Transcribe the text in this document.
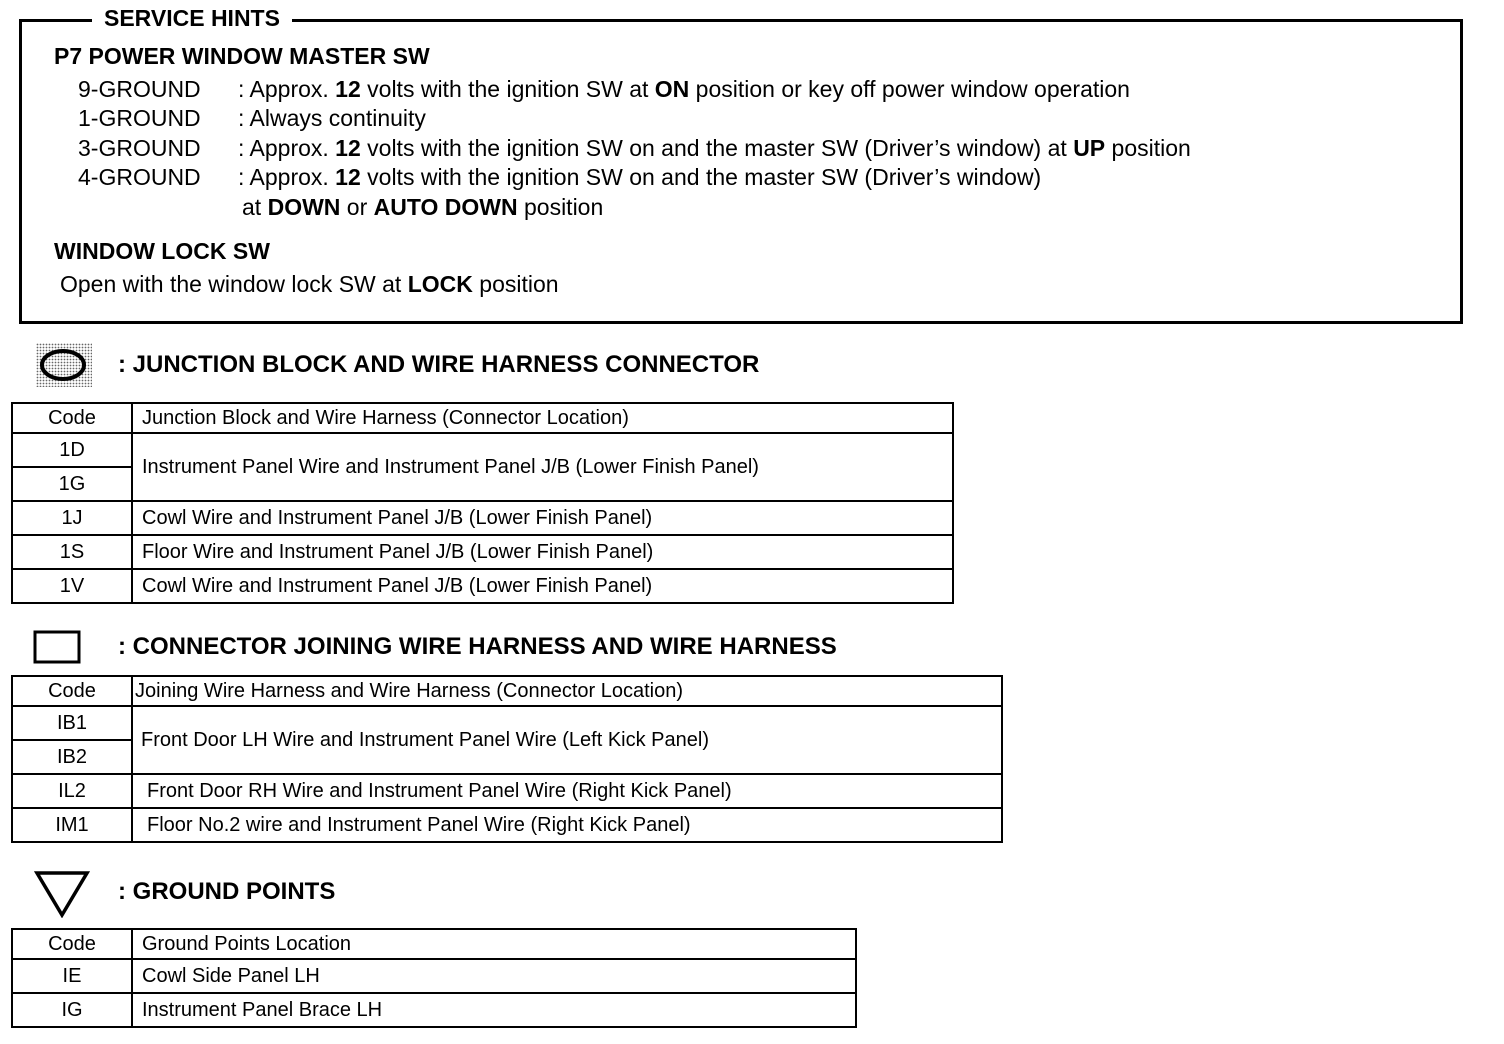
SERVICE HINTS
P7 POWER WINDOW MASTER SW
9-GROUND : Approx. 12 volts with the ignition SW at ON position or key off power window operation
1-GROUND : Always continuity
3-GROUND : Approx. 12 volts with the ignition SW on and the master SW (Driver’s window) at UP position
4-GROUND : Approx. 12 volts with the ignition SW on and the master SW (Driver’s window)
at DOWN or AUTO DOWN position
WINDOW LOCK SW
Open with the window lock SW at LOCK position
: JUNCTION BLOCK AND WIRE HARNESS CONNECTOR
Code	Junction Block and Wire Harness (Connector Location)
1D	Instrument Panel Wire and Instrument Panel J/B (Lower Finish Panel)
1G	
1J	Cowl Wire and Instrument Panel J/B (Lower Finish Panel)
1S	Floor Wire and Instrument Panel J/B (Lower Finish Panel)
1V	Cowl Wire and Instrument Panel J/B (Lower Finish Panel)
: CONNECTOR JOINING WIRE HARNESS AND WIRE HARNESS
Code	Joining Wire Harness and Wire Harness (Connector Location)
IB1	Front Door LH Wire and Instrument Panel Wire (Left Kick Panel)
IB2	
IL2	Front Door RH Wire and Instrument Panel Wire (Right Kick Panel)
IM1	Floor No.2 wire and Instrument Panel Wire (Right Kick Panel)
: GROUND POINTS
Code	Ground Points Location
IE	Cowl Side Panel LH
IG	Instrument Panel Brace LH
